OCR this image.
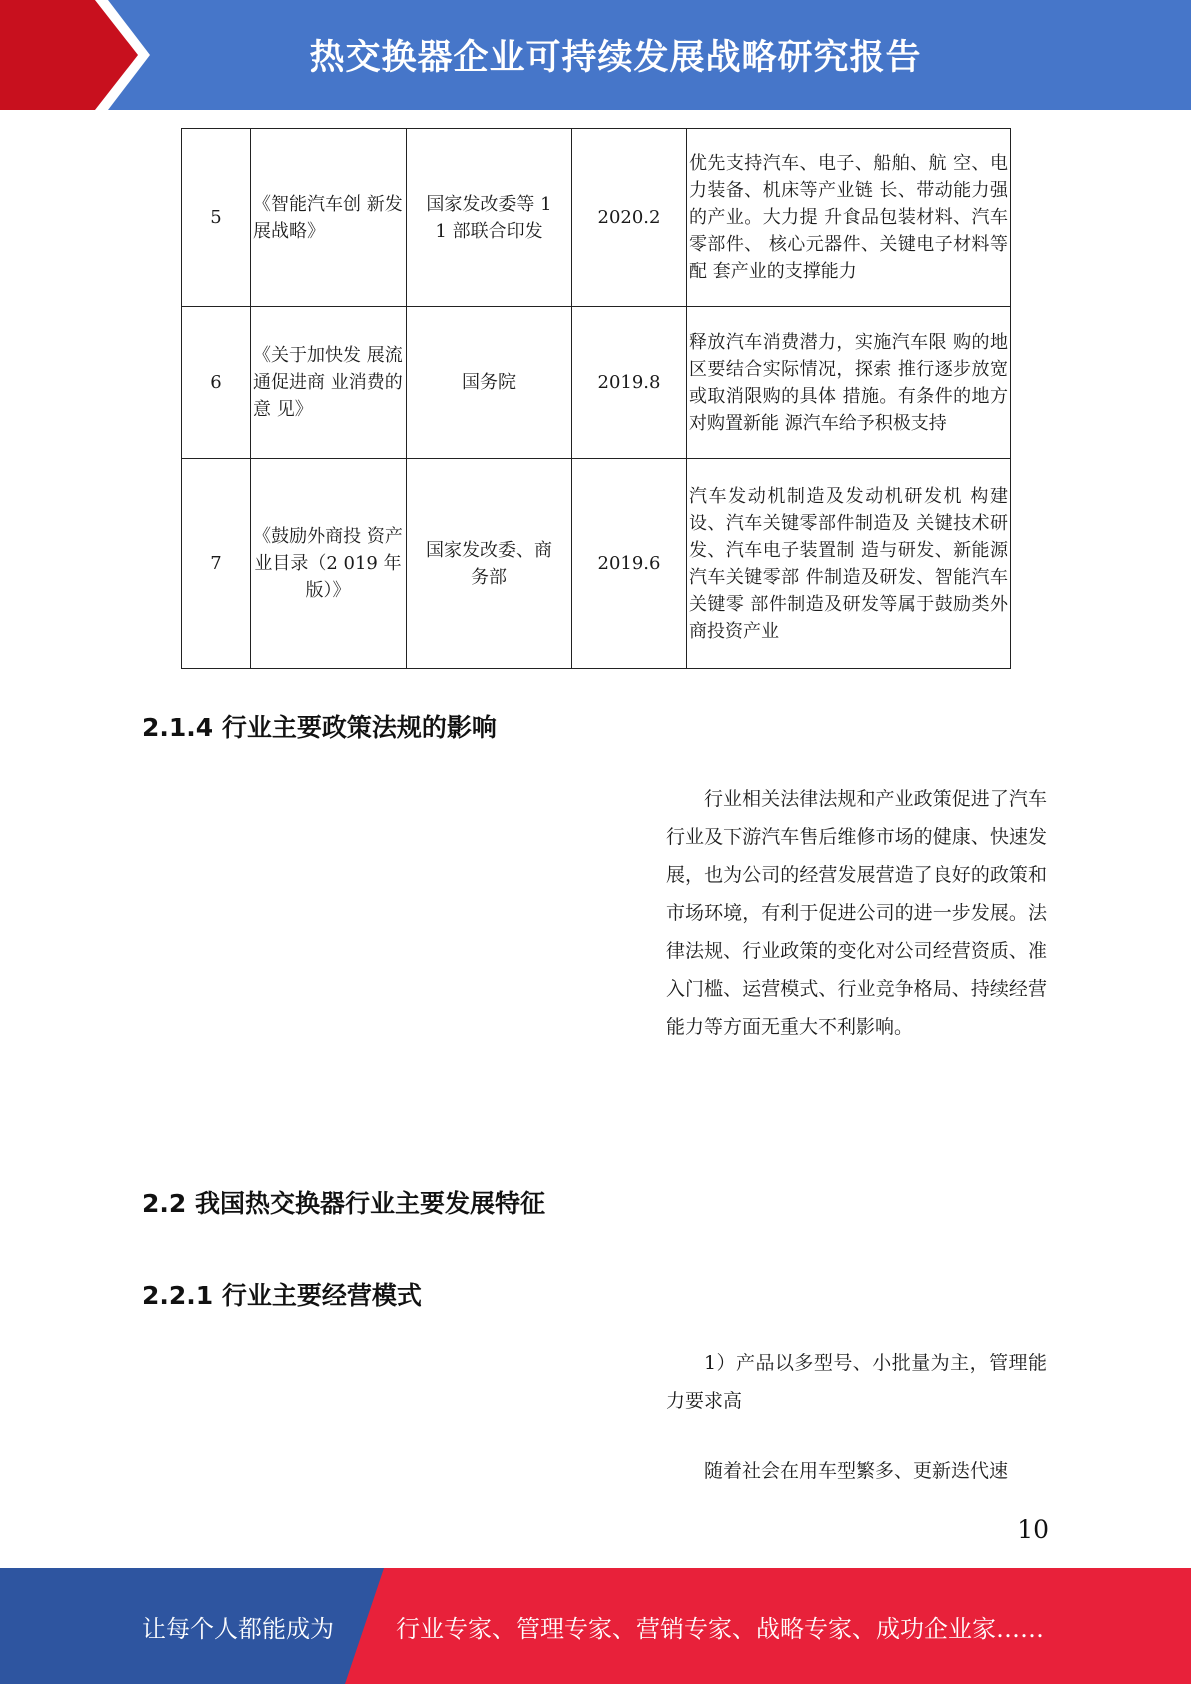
热交换器企业可持续发展战略研究报告
5	《智能汽车创 新发展战略》	国家发改委等 1 1 部联合印发	2020.2	优先支持汽车、电子、船舶、航 空、电力装备、机床等产业链 长、带动能力强的产业。大力提 升食品包装材料、汽车零部件、 核心元器件、关键电子材料等配 套产业的支撑能力
6	《关于加快发 展流通促进商 业消费的意 见》	国务院	2019.8	释放汽车消费潜力，实施汽车限 购的地区要结合实际情况，探索 推行逐步放宽或取消限购的具体 措施。有条件的地方对购置新能 源汽车给予积极支持
7	《鼓励外商投 资产业目录（2 019 年版）》	国家发改委、商务部	2019.6	汽车发动机制造及发动机研发机 构建设、汽车关键零部件制造及 关键技术研发、汽车电子装置制 造与研发、新能源汽车关键零部 件制造及研发、智能汽车关键零 部件制造及研发等属于鼓励类外 商投资产业
2.1.4 行业主要政策法规的影响

行业相关法律法规和产业政策促进了汽车行业及下游汽车售后维修市场的健康、快速发展，也为公司的经营发展营造了良好的政策和市场环境，有利于促进公司的进一步发展。法律法规、行业政策的变化对公司经营资质、准入门槛、运营模式、行业竞争格局、持续经营能力等方面无重大不利影响。

2.2 我国热交换器行业主要发展特征
2.2.1 行业主要经营模式

1）产品以多型号、小批量为主，管理能力要求高

随着社会在用车型繁多、更新迭代速

10
让每个人都能成为	行业专家、管理专家、营销专家、战略专家、成功企业家……
